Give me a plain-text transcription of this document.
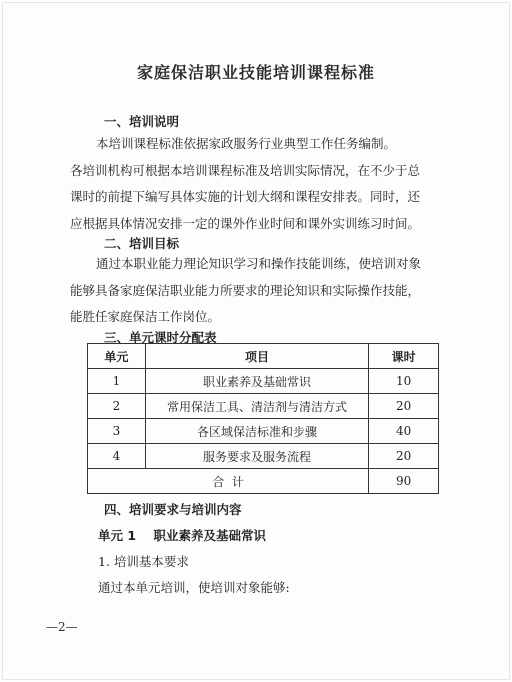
家庭保洁职业技能培训课程标准
一、培训说明
本培训课程标准依据家政服务行业典型工作任务编制。
各培训机构可根据本培训课程标准及培训实际情况，在不少于总
课时的前提下编写具体实施的计划大纲和课程安排表。同时，还
应根据具体情况安排一定的课外作业时间和课外实训练习时间。
二、培训目标
通过本职业能力理论知识学习和操作技能训练，使培训对象
能够具备家庭保洁职业能力所要求的理论知识和实际操作技能，
能胜任家庭保洁工作岗位。
三、单元课时分配表
单元	项目	课时
1	职业素养及基础常识	10
2	常用保洁工具、清洁剂与清洁方式	20
3	各区域保洁标准和步骤	40
4	服务要求及服务流程	20
合  计		90
四、培训要求与培训内容
单元 1    职业素养及基础常识
1. 培训基本要求
通过本单元培训，使培训对象能够:
—2—
